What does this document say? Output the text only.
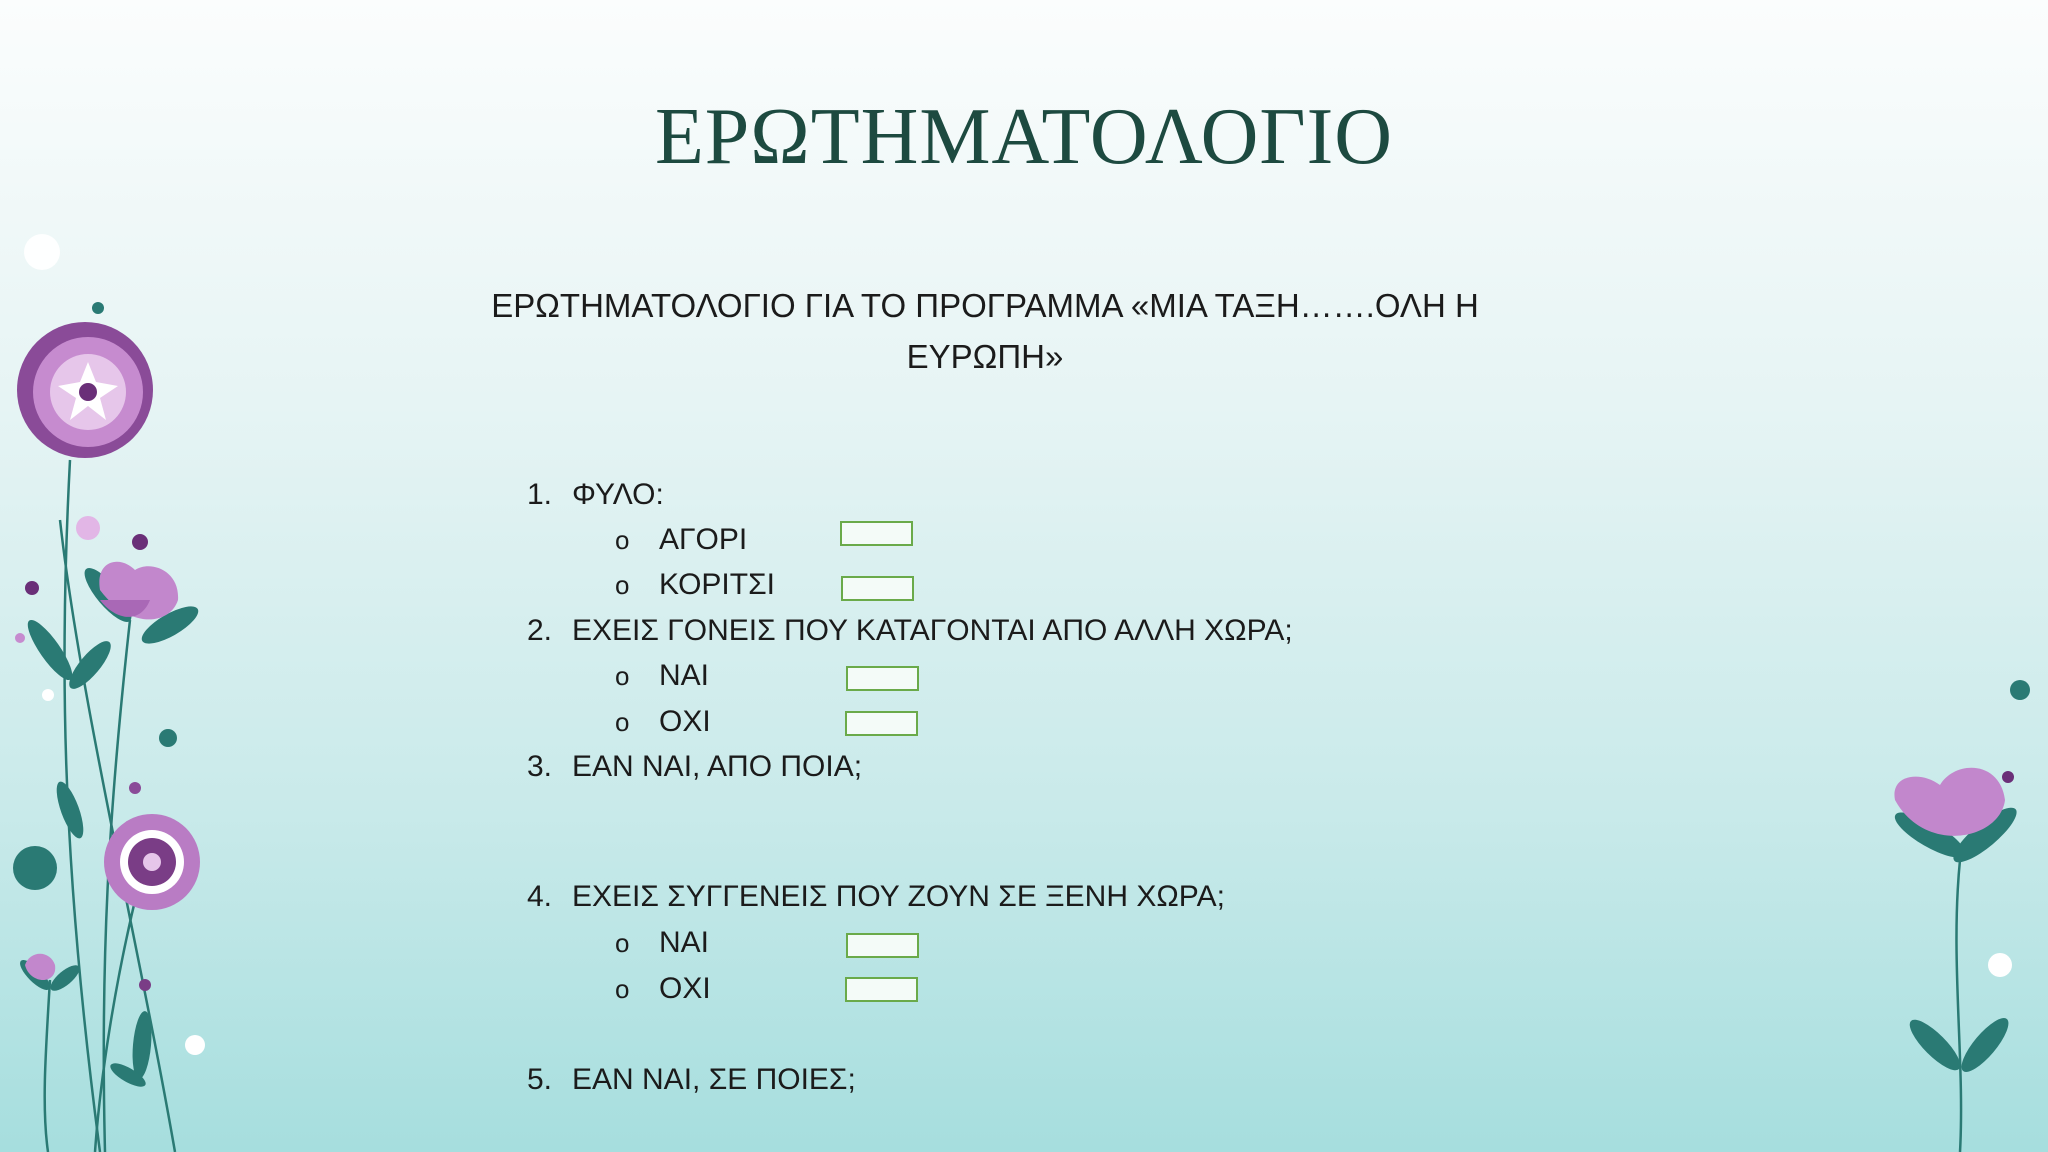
ΕΡΩΤΗΜΑΤΟΛΟΓΙΟ
ΕΡΩΤΗΜΑΤΟΛΟΓΙΟ ΓΙΑ ΤΟ ΠΡΟΓΡΑΜΜΑ «ΜΙΑ ΤΑΞΗ…….ΟΛΗ Η
ΕΥΡΩΠΗ»
1. ΦΥΛΟ:
o ΑΓΟΡΙ
o ΚΟΡΙΤΣΙ
2. ΕΧΕΙΣ ΓΟΝΕΙΣ ΠΟΥ ΚΑΤΑΓΟΝΤΑΙ ΑΠΟ ΑΛΛΗ ΧΩΡΑ;
o ΝΑΙ
o ΟΧΙ
3. ΕΑΝ ΝΑΙ, ΑΠΟ ΠΟΙΑ;
4. ΕΧΕΙΣ ΣΥΓΓΕΝΕΙΣ ΠΟΥ ΖΟΥΝ ΣΕ ΞΕΝΗ ΧΩΡΑ;
o ΝΑΙ
o ΟΧΙ
5. ΕΑΝ ΝΑΙ, ΣΕ ΠΟΙΕΣ;
